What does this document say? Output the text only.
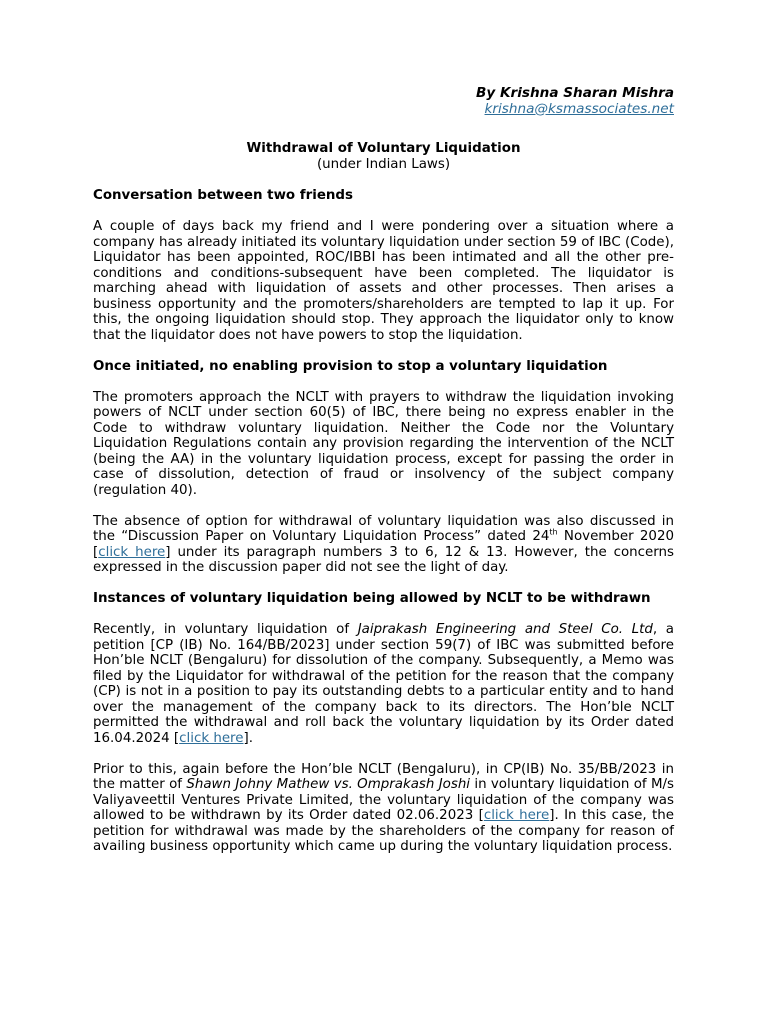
By Krishna Sharan Mishra
krishna@ksmassociates.net
Withdrawal of Voluntary Liquidation
(under Indian Laws)
Conversation between two friends

A couple of days back my friend and I were pondering over a situation where a company has already initiated its voluntary liquidation under section 59 of IBC (Code), Liquidator has been appointed, ROC/IBBI has been intimated and all the other pre-conditions and conditions-subsequent have been completed. The liquidator is marching ahead with liquidation of assets and other processes. Then arises a business opportunity and the promoters/shareholders are tempted to lap it up. For this, the ongoing liquidation should stop. They approach the liquidator only to know that the liquidator does not have powers to stop the liquidation.

Once initiated, no enabling provision to stop a voluntary liquidation

The promoters approach the NCLT with prayers to withdraw the liquidation invoking powers of NCLT under section 60(5) of IBC, there being no express enabler in the Code to withdraw voluntary liquidation. Neither the Code nor the Voluntary Liquidation Regulations contain any provision regarding the intervention of the NCLT (being the AA) in the voluntary liquidation process, except for passing the order in case of dissolution, detection of fraud or insolvency of the subject company (regulation 40).

The absence of option for withdrawal of voluntary liquidation was also discussed in the “Discussion Paper on Voluntary Liquidation Process” dated 24th November 2020 [click here] under its paragraph numbers 3 to 6, 12 & 13. However, the concerns expressed in the discussion paper did not see the light of day.

Instances of voluntary liquidation being allowed by NCLT to be withdrawn

Recently, in voluntary liquidation of Jaiprakash Engineering and Steel Co. Ltd, a petition [CP (IB) No. 164/BB/2023] under section 59(7) of IBC was submitted before Hon’ble NCLT (Bengaluru) for dissolution of the company. Subsequently, a Memo was filed by the Liquidator for withdrawal of the petition for the reason that the company (CP) is not in a position to pay its outstanding debts to a particular entity and to hand over the management of the company back to its directors. The Hon’ble NCLT permitted the withdrawal and roll back the voluntary liquidation by its Order dated 16.04.2024 [click here].

Prior to this, again before the Hon’ble NCLT (Bengaluru), in CP(IB) No. 35/BB/2023 in the matter of Shawn Johny Mathew vs. Omprakash Joshi in voluntary liquidation of M/s Valiyaveettil Ventures Private Limited, the voluntary liquidation of the company was allowed to be withdrawn by its Order dated 02.06.2023 [click here]. In this case, the petition for withdrawal was made by the shareholders of the company for reason of availing business opportunity which came up during the voluntary liquidation process.
